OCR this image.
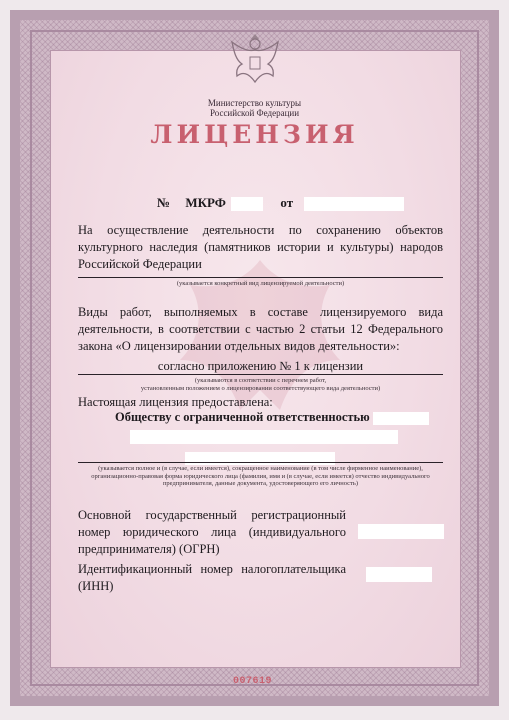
Министерство культуры
Российской Федерации
ЛИЦЕНЗИЯ
№ МКРФ	от
На осуществление деятельности по сохранению объектов культурного наследия (памятников истории и культуры) народов Российской Федерации
(указывается конкретный вид лицензируемой деятельности)
Виды работ, выполняемых в составе лицензируемого вида деятельности, в соответствии с частью 2 статьи 12 Федерального закона «О лицензировании отдельных видов деятельности»:
согласно приложению № 1 к лицензии
(указываются в соответствии с перечнем работ,
установленным положением о лицензировании соответствующего вида деятельности)
Настоящая лицензия предоставлена:
Обществу с ограниченной ответственностью
(указывается полное и (в случае, если имеется), сокращенное наименование (в том числе фирменное наименование),
организационно-правовая форма юридического лица (фамилия, имя и (в случае, если имеется) отчество индивидуального
предпринимателя, данные документа, удостоверяющего его личность)
Основной государственный регистрационный
номер юридического лица (индивидуального
предпринимателя) (ОГРН)
Идентификационный номер налогоплательщика
(ИНН)
007619
